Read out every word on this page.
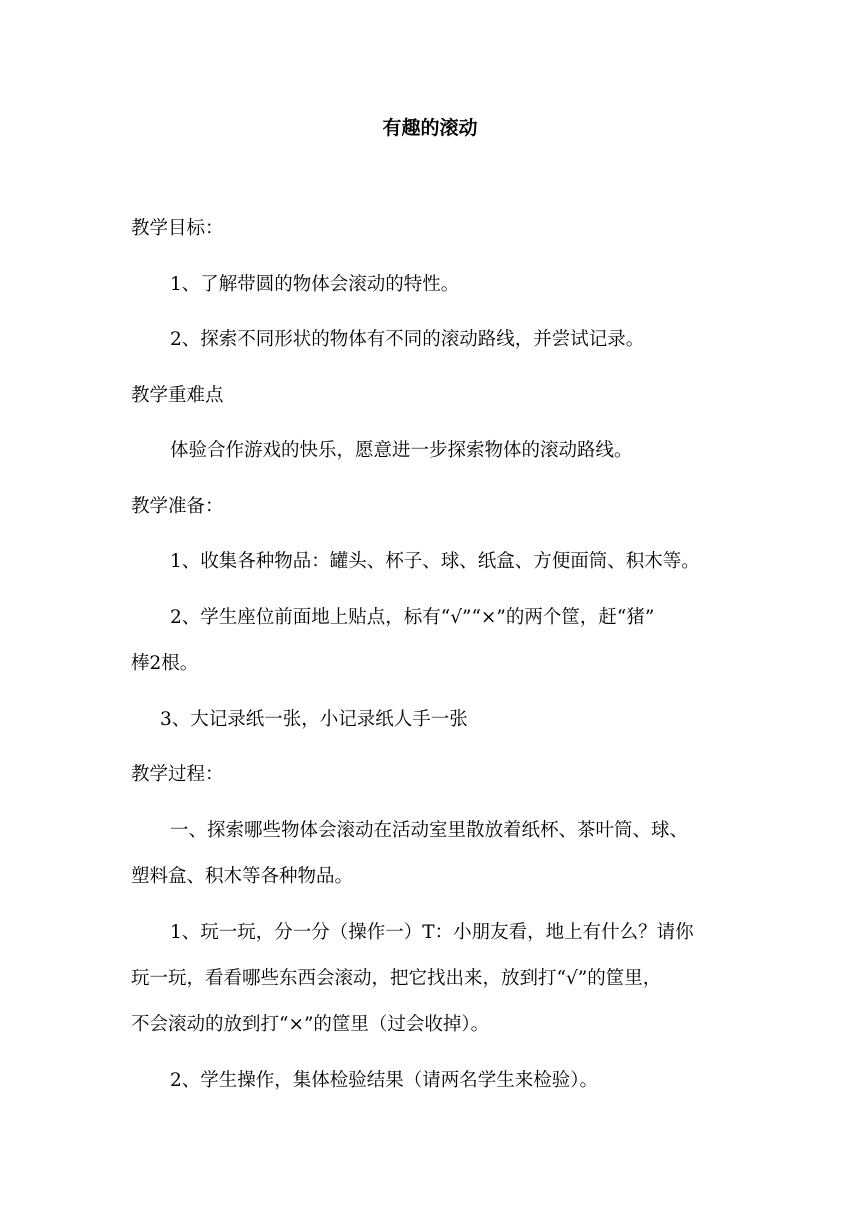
有趣的滚动
教学目标：
1、了解带圆的物体会滚动的特性。
2、探索不同形状的物体有不同的滚动路线，并尝试记录。
教学重难点
体验合作游戏的快乐，愿意进一步探索物体的滚动路线。
教学准备：
1、收集各种物品：罐头、杯子、球、纸盒、方便面筒、积木等。
2、学生座位前面地上贴点，标有“√”“×”的两个筐，赶“猪”
棒2根。
3、大记录纸一张，小记录纸人手一张
教学过程：
一、探索哪些物体会滚动在活动室里散放着纸杯、茶叶筒、球、
塑料盒、积木等各种物品。
1、玩一玩，分一分（操作一）T：小朋友看，地上有什么？请你
玩一玩，看看哪些东西会滚动，把它找出来，放到打“√”的筐里，
不会滚动的放到打“×”的筐里（过会收掉）。
2、学生操作，集体检验结果（请两名学生来检验）。
